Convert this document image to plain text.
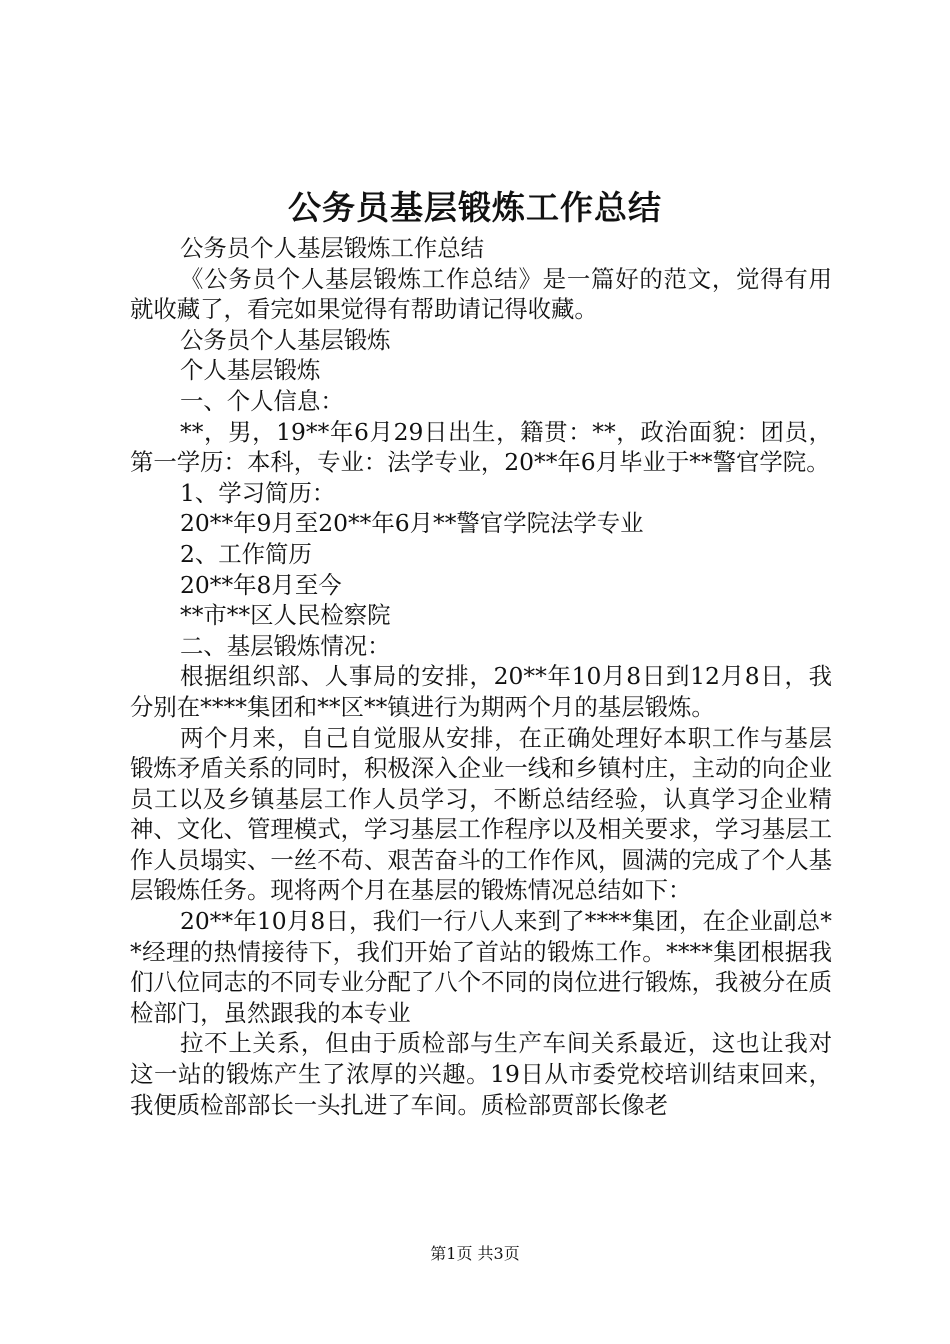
公务员基层锻炼工作总结

公务员个人基层锻炼工作总结

《公务员个人基层锻炼工作总结》是一篇好的范文，觉得有用就收藏了，看完如果觉得有帮助请记得收藏。

公务员个人基层锻炼

个人基层锻炼

一、个人信息：

**，男，19**年6月29日出生，籍贯：**，政治面貌：团员，第一学历：本科，专业：法学专业，20**年6月毕业于**警官学院。

1、学习简历：

20**年9月至20**年6月**警官学院法学专业

2、工作简历

20**年8月至今

**市**区人民检察院

二、基层锻炼情况：

根据组织部、人事局的安排，20**年10月8日到12月8日，我分别在****集团和**区**镇进行为期两个月的基层锻炼。

两个月来，自己自觉服从安排，在正确处理好本职工作与基层锻炼矛盾关系的同时，积极深入企业一线和乡镇村庄，主动的向企业员工以及乡镇基层工作人员学习，不断总结经验，认真学习企业精神、文化、管理模式，学习基层工作程序以及相关要求，学习基层工作人员塌实、一丝不苟、艰苦奋斗的工作作风，圆满的完成了个人基层锻炼任务。现将两个月在基层的锻炼情况总结如下：

20**年10月8日，我们一行八人来到了****集团，在企业副总**经理的热情接待下，我们开始了首站的锻炼工作。****集团根据我们八位同志的不同专业分配了八个不同的岗位进行锻炼，我被分在质检部门，虽然跟我的本专业

拉不上关系，但由于质检部与生产车间关系最近，这也让我对这一站的锻炼产生了浓厚的兴趣。19日从市委党校培训结束回来，我便质检部部长一头扎进了车间。质检部贾部长像老

第1页 共3页
